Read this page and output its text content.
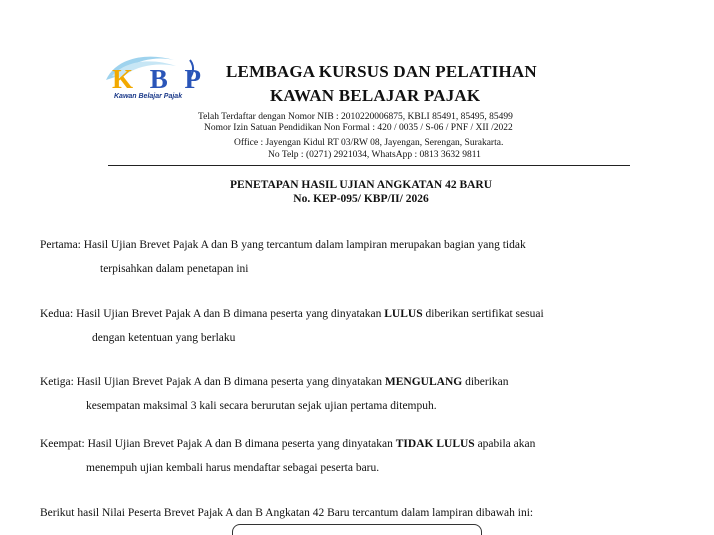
K B P
Kawan Belajar Pajak
LEMBAGA KURSUS DAN PELATIHAN
KAWAN BELAJAR PAJAK
Telah Terdaftar dengan Nomor NIB : 2010220006875, KBLI 85491, 85495, 85499
Nomor Izin Satuan Pendidikan Non Formal : 420 / 0035 / S-06 / PNF / XII /2022
Office : Jayengan Kidul RT 03/RW 08, Jayengan, Serengan, Surakarta.
No Telp : (0271) 2921034, WhatsApp : 0813 3632 9811
PENETAPAN HASIL UJIAN ANGKATAN 42 BARU
No. KEP-095/ KBP/II/ 2026
Pertama: Hasil Ujian Brevet Pajak A dan B yang tercantum dalam lampiran merupakan bagian yang tidak
terpisahkan dalam penetapan ini
Kedua: Hasil Ujian Brevet Pajak A dan B dimana peserta yang dinyatakan LULUS diberikan sertifikat sesuai
dengan ketentuan yang berlaku
Ketiga: Hasil Ujian Brevet Pajak A dan B dimana peserta yang dinyatakan MENGULANG diberikan
kesempatan maksimal 3 kali secara berurutan sejak ujian pertama ditempuh.
Keempat: Hasil Ujian Brevet Pajak A dan B dimana peserta yang dinyatakan TIDAK LULUS apabila akan
menempuh ujian kembali harus mendaftar sebagai peserta baru.
Berikut hasil Nilai Peserta Brevet Pajak A dan B Angkatan 42 Baru tercantum dalam lampiran dibawah ini:
